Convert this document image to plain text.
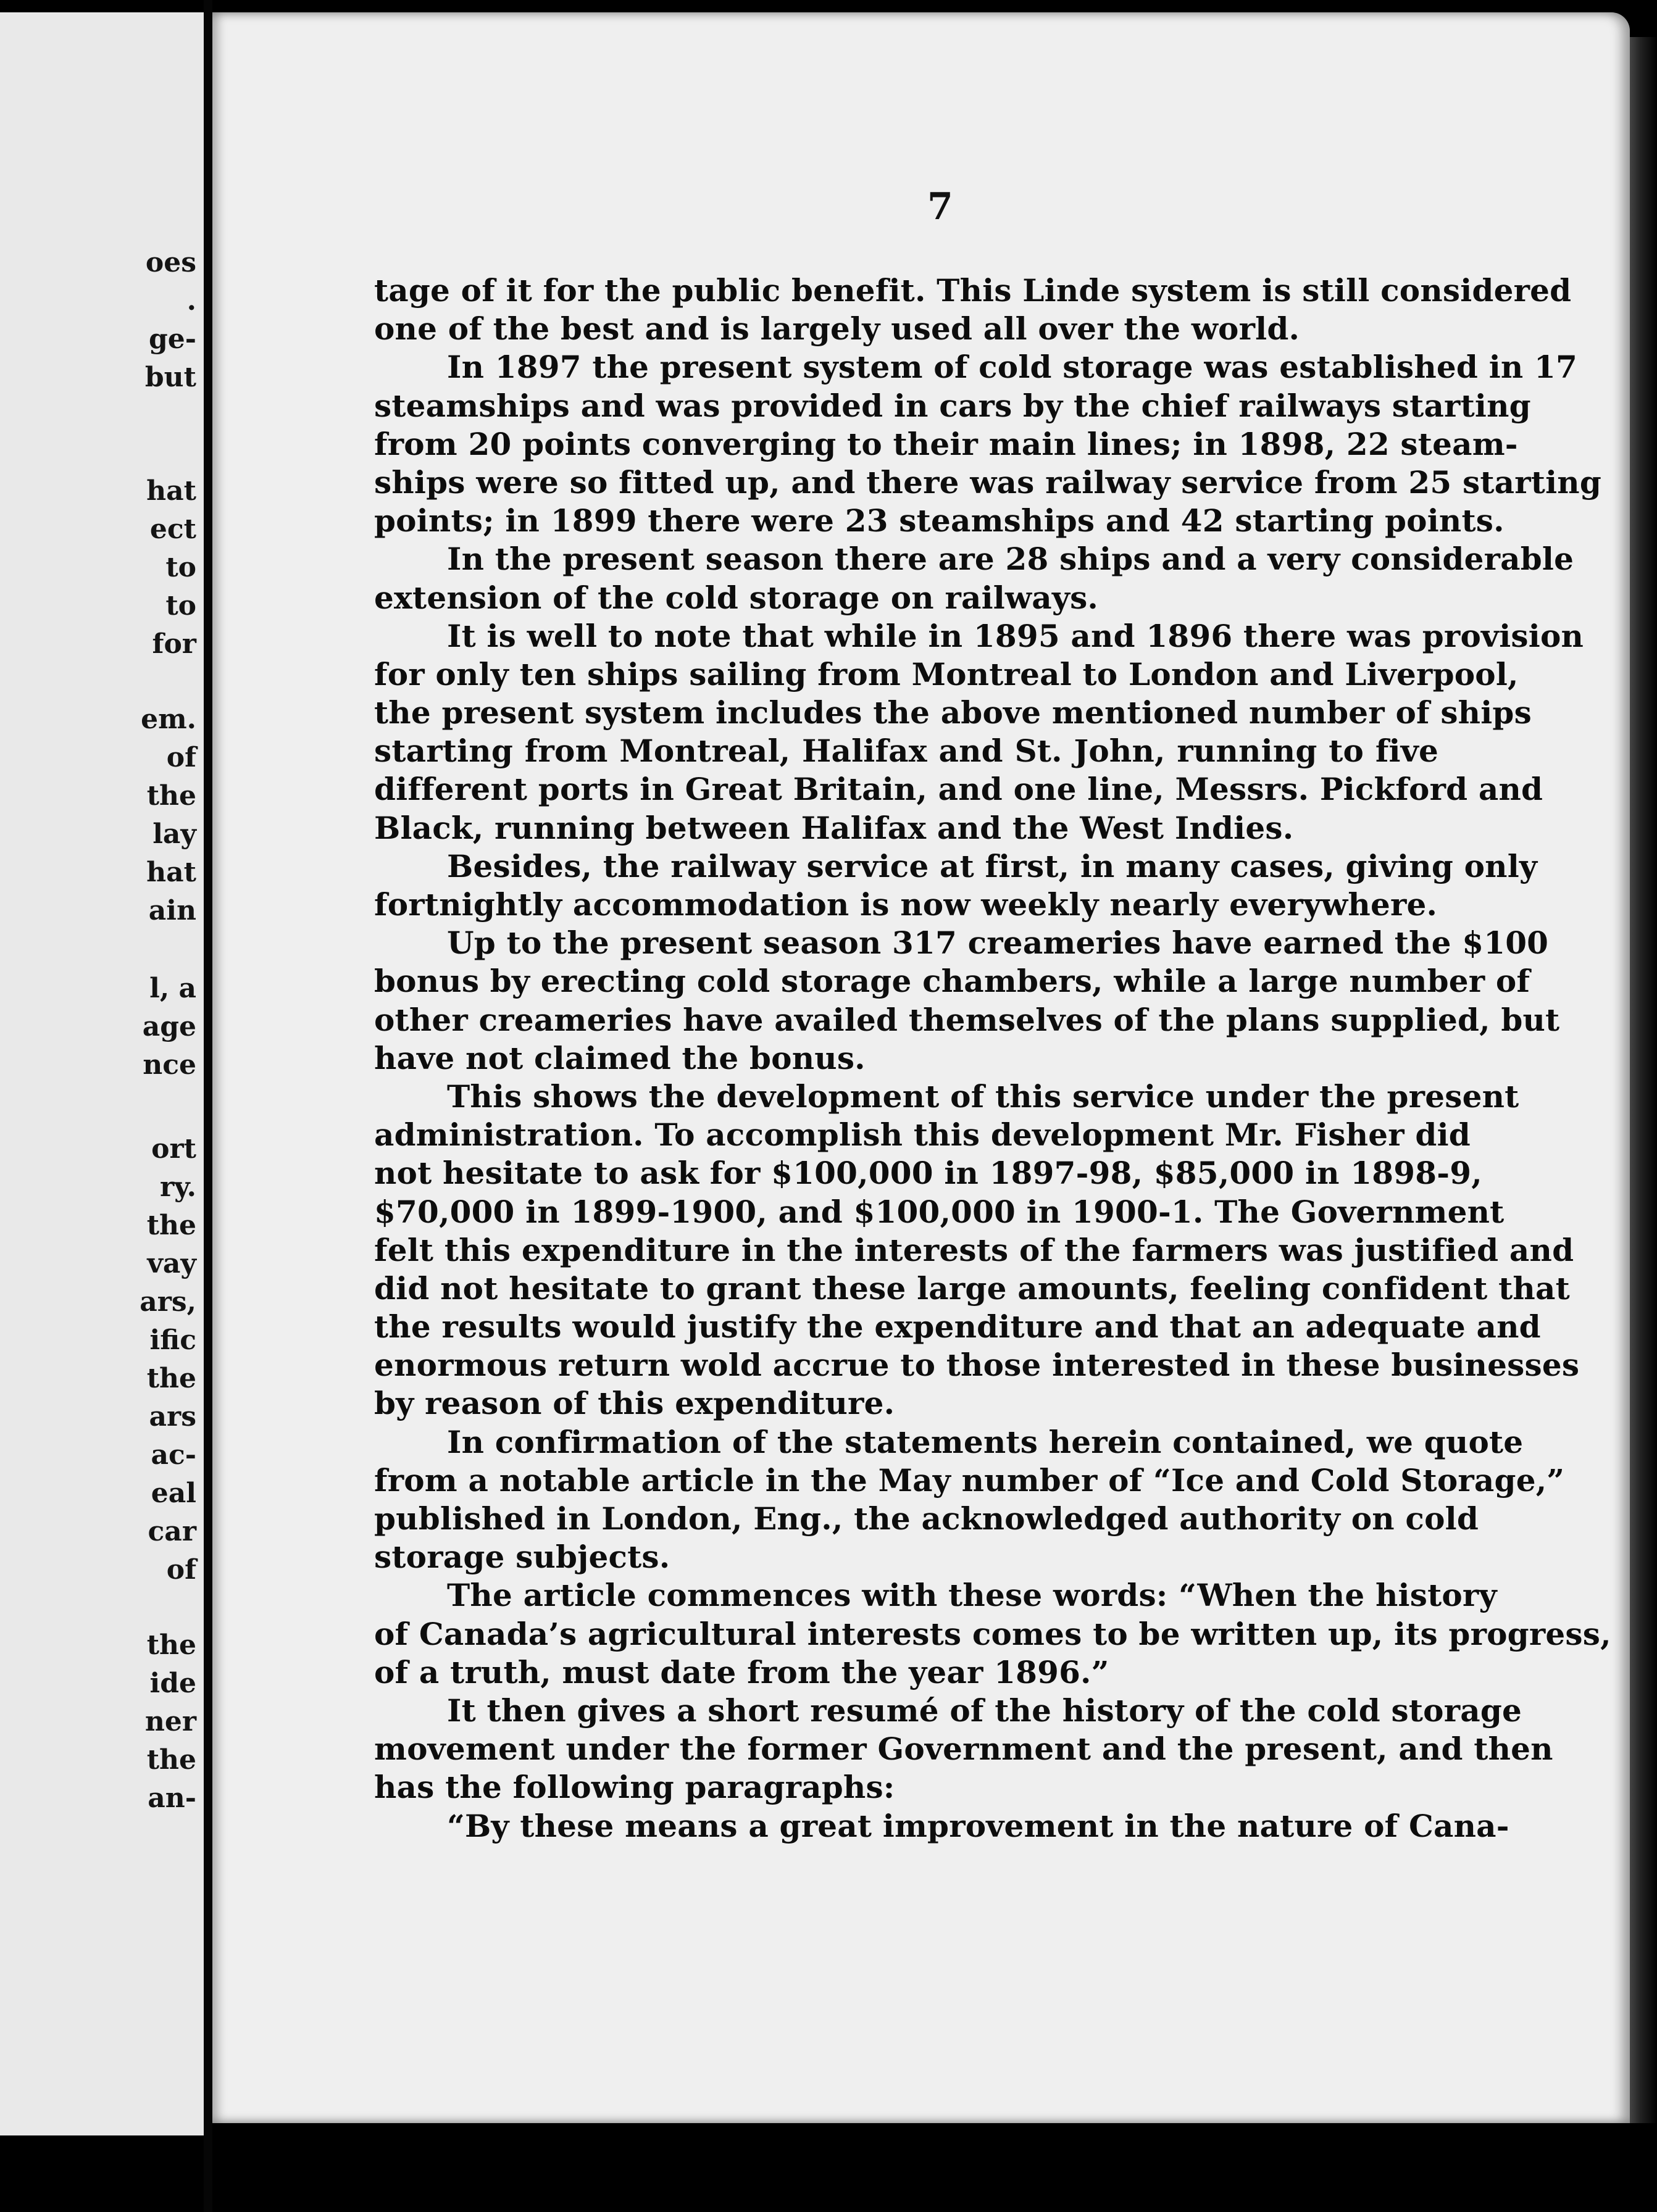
oes
.
ge-
but
hat
ect
to
to
for
em.
of
the
lay
hat
ain
l, a
age
nce
ort
ry.
the
vay
ars,
ific
the
ars
ac-
eal
car
of
the
ide
ner
the
an-
7
tage of it for the public benefit. This Linde system is still considered
one of the best and is largely used all over the world.
In 1897 the present system of cold storage was established in 17
steamships and was provided in cars by the chief railways starting
from 20 points converging to their main lines; in 1898, 22 steam-
ships were so fitted up, and there was railway service from 25 starting
points; in 1899 there were 23 steamships and 42 starting points.
In the present season there are 28 ships and a very considerable
extension of the cold storage on railways.
It is well to note that while in 1895 and 1896 there was provision
for only ten ships sailing from Montreal to London and Liverpool,
the present system includes the above mentioned number of ships
starting from Montreal, Halifax and St. John, running to five
different ports in Great Britain, and one line, Messrs. Pickford and
Black, running between Halifax and the West Indies.
Besides, the railway service at first, in many cases, giving only
fortnightly accommodation is now weekly nearly everywhere.
Up to the present season 317 creameries have earned the $100
bonus by erecting cold storage chambers, while a large number of
other creameries have availed themselves of the plans supplied, but
have not claimed the bonus.
This shows the development of this service under the present
administration. To accomplish this development Mr. Fisher did
not hesitate to ask for $100,000 in 1897-98, $85,000 in 1898-9,
$70,000 in 1899-1900, and $100,000 in 1900-1. The Government
felt this expenditure in the interests of the farmers was justified and
did not hesitate to grant these large amounts, feeling confident that
the results would justify the expenditure and that an adequate and
enormous return wold accrue to those interested in these businesses
by reason of this expenditure.
In confirmation of the statements herein contained, we quote
from a notable article in the May number of “Ice and Cold Storage,”
published in London, Eng., the acknowledged authority on cold
storage subjects.
The article commences with these words: “When the history
of Canada’s agricultural interests comes to be written up, its progress,
of a truth, must date from the year 1896.”
It then gives a short resumé of the history of the cold storage
movement under the former Government and the present, and then
has the following paragraphs:
“By these means a great improvement in the nature of Cana-
